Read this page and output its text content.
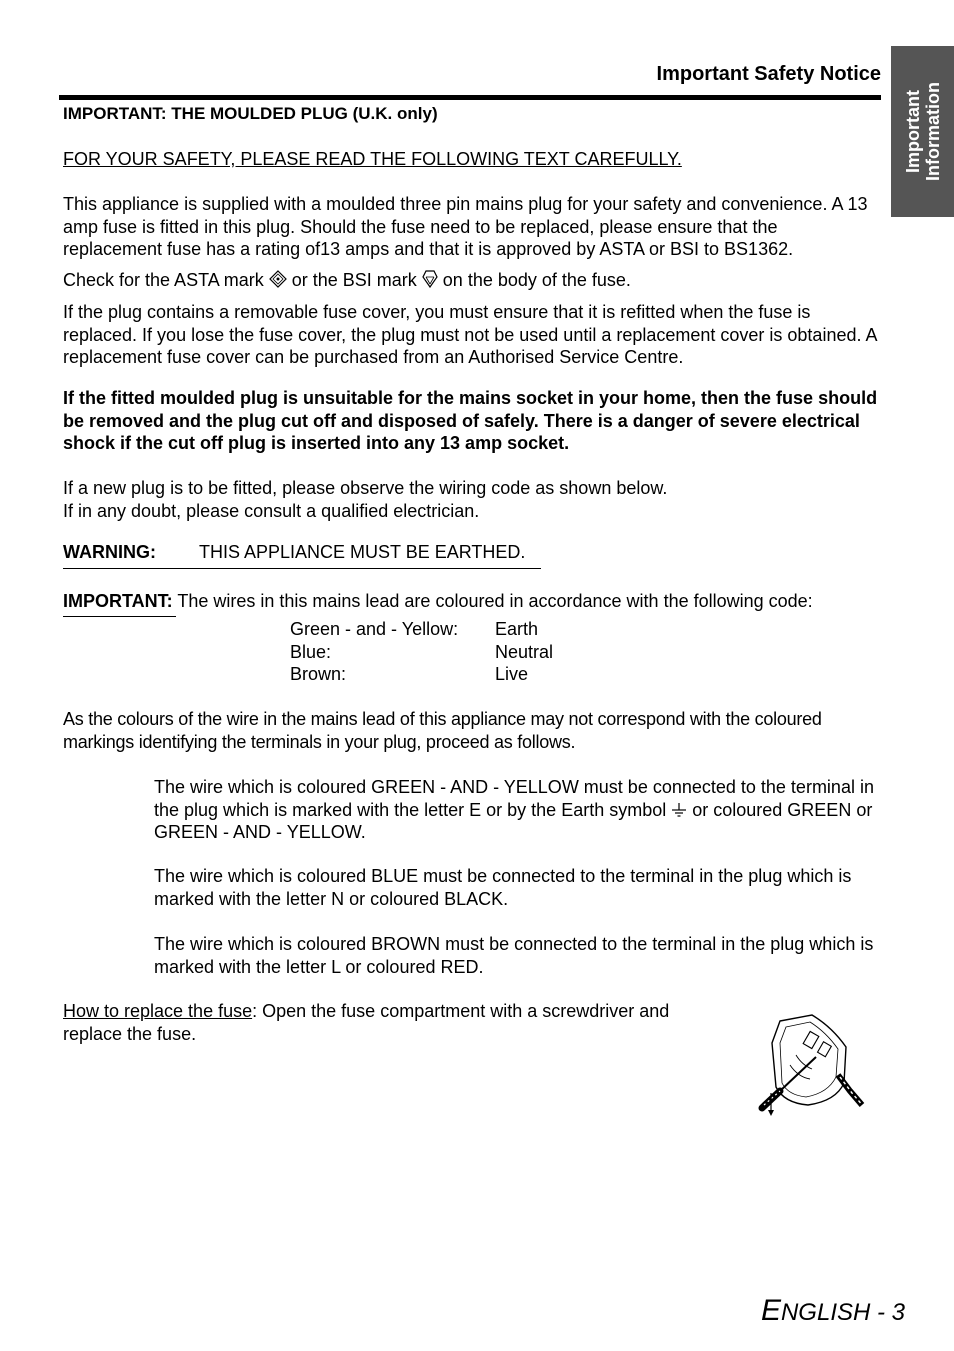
Important Safety Notice
Important
Information

IMPORTANT: THE MOULDED PLUG (U.K. only)

FOR YOUR SAFETY, PLEASE READ THE FOLLOWING TEXT CAREFULLY.

This appliance is supplied with a moulded three pin mains plug for your safety and convenience. A 13 amp fuse is fitted in this plug. Should the fuse need to be replaced, please ensure that the replacement fuse has a rating of13 amps and that it is approved by ASTA or BSI to BS1362.

Check for the ASTA mark  or the BSI mark  on the body of the fuse.

If the plug contains a removable fuse cover, you must ensure that it is refitted when the fuse is replaced. If you lose the fuse cover, the plug must not be used until a replacement cover is obtained. A replacement fuse cover can be purchased from an Authorised Service Centre.

If the fitted moulded plug is unsuitable for the mains socket in your home, then the fuse should be removed and the plug cut off and disposed of safely. There is a danger of severe electrical shock if the cut off plug is inserted into any 13 amp socket.

If a new plug is to be fitted, please observe the wiring code as shown below.

If in any doubt, please consult a qualified electrician.

WARNING: THIS APPLIANCE MUST BE EARTHED.

IMPORTANT: The wires in this mains lead are coloured in accordance with the following code:

Green - and - Yellow:	Earth
Blue:	Neutral
Brown:	Live

As the colours of the wire in the mains lead of this appliance may not correspond with the coloured markings identifying the terminals in your plug, proceed as follows.

The wire which is coloured GREEN - AND - YELLOW must be connected to the terminal in the plug which is marked with the letter E or by the Earth symbol  or coloured GREEN or GREEN - AND - YELLOW.

The wire which is coloured BLUE must be connected to the terminal in the plug which is marked with the letter N or coloured BLACK.

The wire which is coloured BROWN must be connected to the terminal in the plug which is marked with the letter L or coloured RED.

How to replace the fuse: Open the fuse compartment with a screwdriver and replace the fuse.

ENGLISH - 3
